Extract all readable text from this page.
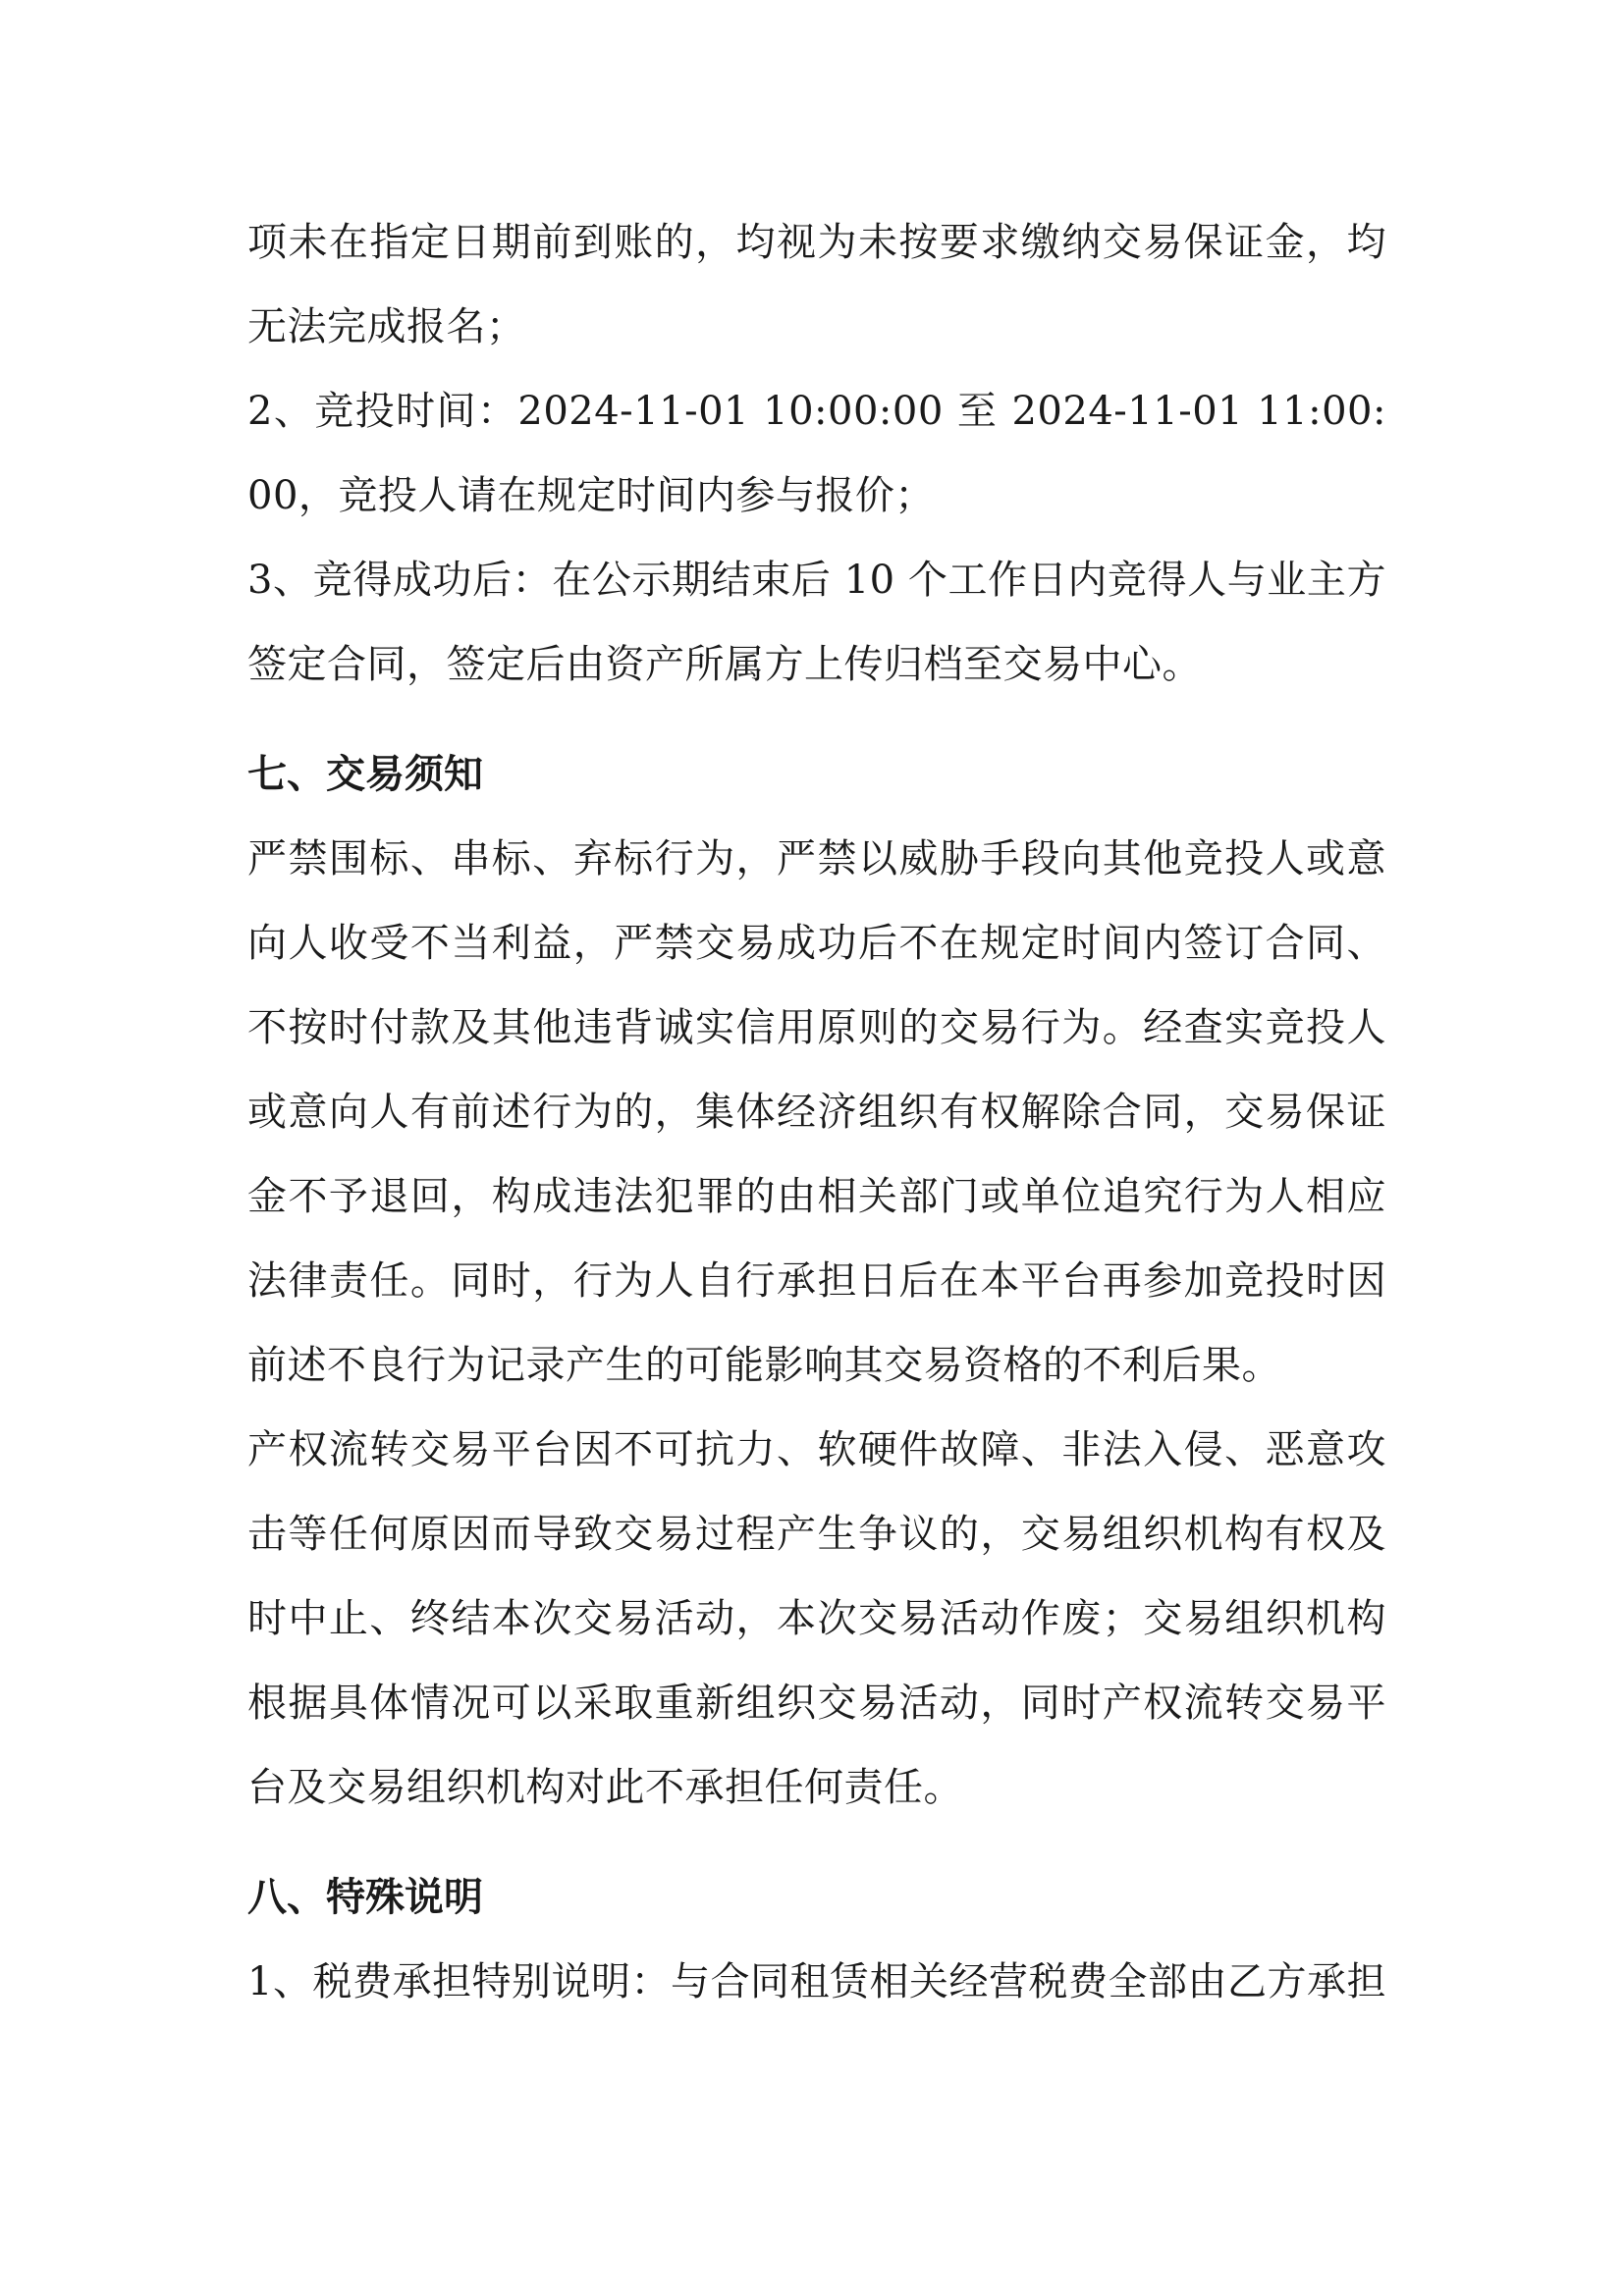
项未在指定日期前到账的，均视为未按要求缴纳交易保证金，均无法完成报名；

2、竞投时间：2024-11-01 10:00:00 至 2024-11-01 11:00:00，竞投人请在规定时间内参与报价；

3、竞得成功后：在公示期结束后 10 个工作日内竞得人与业主方签定合同，签定后由资产所属方上传归档至交易中心。

七、交易须知

严禁围标、串标、弃标行为，严禁以威胁手段向其他竞投人或意向人收受不当利益，严禁交易成功后不在规定时间内签订合同、不按时付款及其他违背诚实信用原则的交易行为。经查实竞投人或意向人有前述行为的，集体经济组织有权解除合同，交易保证金不予退回，构成违法犯罪的由相关部门或单位追究行为人相应法律责任。同时，行为人自行承担日后在本平台再参加竞投时因前述不良行为记录产生的可能影响其交易资格的不利后果。

产权流转交易平台因不可抗力、软硬件故障、非法入侵、恶意攻击等任何原因而导致交易过程产生争议的，交易组织机构有权及时中止、终结本次交易活动，本次交易活动作废；交易组织机构根据具体情况可以采取重新组织交易活动，同时产权流转交易平台及交易组织机构对此不承担任何责任。

八、特殊说明

1、税费承担特别说明：与合同租赁相关经营税费全部由乙方承担
